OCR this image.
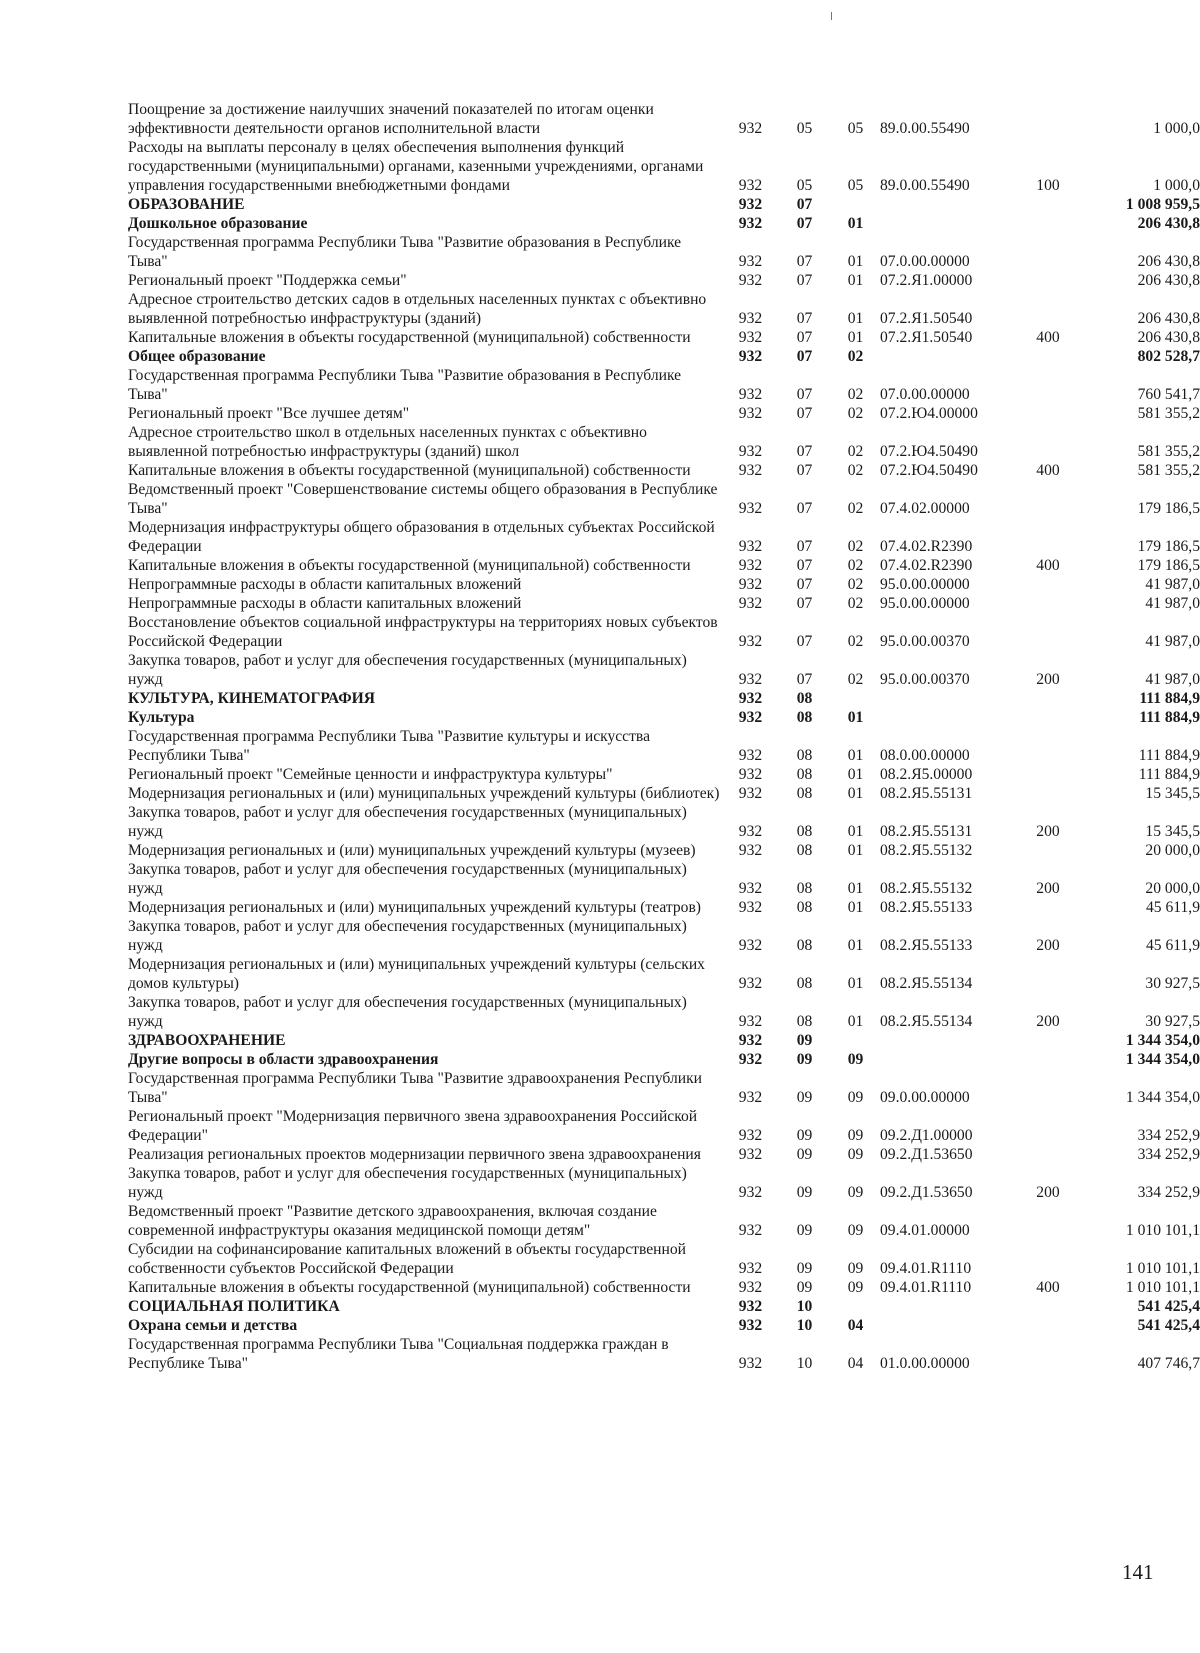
Поощрение за достижение наилучших значений показателей по итогам оценки эффективности деятельности органов исполнительной власти	932	05	05	89.0.00.55490		1 000,0
Расходы на выплаты персоналу в целях обеспечения выполнения функций государственными (муниципальными) органами, казенными учреждениями, органами управления государственными внебюджетными фондами	932	05	05	89.0.00.55490	100	1 000,0
ОБРАЗОВАНИЕ	932	07				1 008 959,5
Дошкольное образование	932	07	01			206 430,8
Государственная программа Республики Тыва "Развитие образования в Республике Тыва"	932	07	01	07.0.00.00000		206 430,8
Региональный проект "Поддержка семьи"	932	07	01	07.2.Я1.00000		206 430,8
Адресное строительство детских садов в отдельных населенных пунктах с объективно выявленной потребностью инфраструктуры (зданий)	932	07	01	07.2.Я1.50540		206 430,8
Капитальные вложения в объекты государственной (муниципальной) собственности	932	07	01	07.2.Я1.50540	400	206 430,8
Общее образование	932	07	02			802 528,7
Государственная программа Республики Тыва "Развитие образования в Республике Тыва"	932	07	02	07.0.00.00000		760 541,7
Региональный проект "Все лучшее детям"	932	07	02	07.2.Ю4.00000		581 355,2
Адресное строительство школ в отдельных населенных пунктах с объективно выявленной потребностью инфраструктуры (зданий) школ	932	07	02	07.2.Ю4.50490		581 355,2
Капитальные вложения в объекты государственной (муниципальной) собственности	932	07	02	07.2.Ю4.50490	400	581 355,2
Ведомственный проект "Совершенствование системы общего образования в Республике Тыва"	932	07	02	07.4.02.00000		179 186,5
Модернизация инфраструктуры общего образования в отдельных субъектах Российской Федерации	932	07	02	07.4.02.R2390		179 186,5
Капитальные вложения в объекты государственной (муниципальной) собственности	932	07	02	07.4.02.R2390	400	179 186,5
Непрограммные расходы в области капитальных вложений	932	07	02	95.0.00.00000		41 987,0
Непрограммные расходы в области капитальных вложений	932	07	02	95.0.00.00000		41 987,0
Восстановление объектов социальной инфраструктуры на территориях новых субъектов Российской Федерации	932	07	02	95.0.00.00370		41 987,0
Закупка товаров, работ и услуг для обеспечения государственных (муниципальных) нужд	932	07	02	95.0.00.00370	200	41 987,0
КУЛЬТУРА, КИНЕМАТОГРАФИЯ	932	08				111 884,9
Культура	932	08	01			111 884,9
Государственная программа Республики Тыва "Развитие культуры и искусства Республики Тыва"	932	08	01	08.0.00.00000		111 884,9
Региональный проект "Семейные ценности и инфраструктура культуры"	932	08	01	08.2.Я5.00000		111 884,9
Модернизация региональных и (или) муниципальных учреждений культуры (библиотек)	932	08	01	08.2.Я5.55131		15 345,5
Закупка товаров, работ и услуг для обеспечения государственных (муниципальных) нужд	932	08	01	08.2.Я5.55131	200	15 345,5
Модернизация региональных и (или) муниципальных учреждений культуры (музеев)	932	08	01	08.2.Я5.55132		20 000,0
Закупка товаров, работ и услуг для обеспечения государственных (муниципальных) нужд	932	08	01	08.2.Я5.55132	200	20 000,0
Модернизация региональных и (или) муниципальных учреждений культуры (театров)	932	08	01	08.2.Я5.55133		45 611,9
Закупка товаров, работ и услуг для обеспечения государственных (муниципальных) нужд	932	08	01	08.2.Я5.55133	200	45 611,9
Модернизация региональных и (или) муниципальных учреждений культуры (сельских домов культуры)	932	08	01	08.2.Я5.55134		30 927,5
Закупка товаров, работ и услуг для обеспечения государственных (муниципальных) нужд	932	08	01	08.2.Я5.55134	200	30 927,5
ЗДРАВООХРАНЕНИЕ	932	09				1 344 354,0
Другие вопросы в области здравоохранения	932	09	09			1 344 354,0
Государственная программа Республики Тыва "Развитие здравоохранения Республики Тыва"	932	09	09	09.0.00.00000		1 344 354,0
Региональный проект "Модернизация первичного звена здравоохранения Российской Федерации"	932	09	09	09.2.Д1.00000		334 252,9
Реализация региональных проектов модернизации первичного звена здравоохранения	932	09	09	09.2.Д1.53650		334 252,9
Закупка товаров, работ и услуг для обеспечения государственных (муниципальных) нужд	932	09	09	09.2.Д1.53650	200	334 252,9
Ведомственный проект "Развитие детского здравоохранения, включая создание современной инфраструктуры оказания медицинской помощи детям"	932	09	09	09.4.01.00000		1 010 101,1
Субсидии на софинансирование капитальных вложений в объекты государственной собственности субъектов Российской Федерации	932	09	09	09.4.01.R1110		1 010 101,1
Капитальные вложения в объекты государственной (муниципальной) собственности	932	09	09	09.4.01.R1110	400	1 010 101,1
СОЦИАЛЬНАЯ ПОЛИТИКА	932	10				541 425,4
Охрана семьи и детства	932	10	04			541 425,4
Государственная программа Республики Тыва "Социальная поддержка граждан в Республике Тыва"	932	10	04	01.0.00.00000		407 746,7
141
